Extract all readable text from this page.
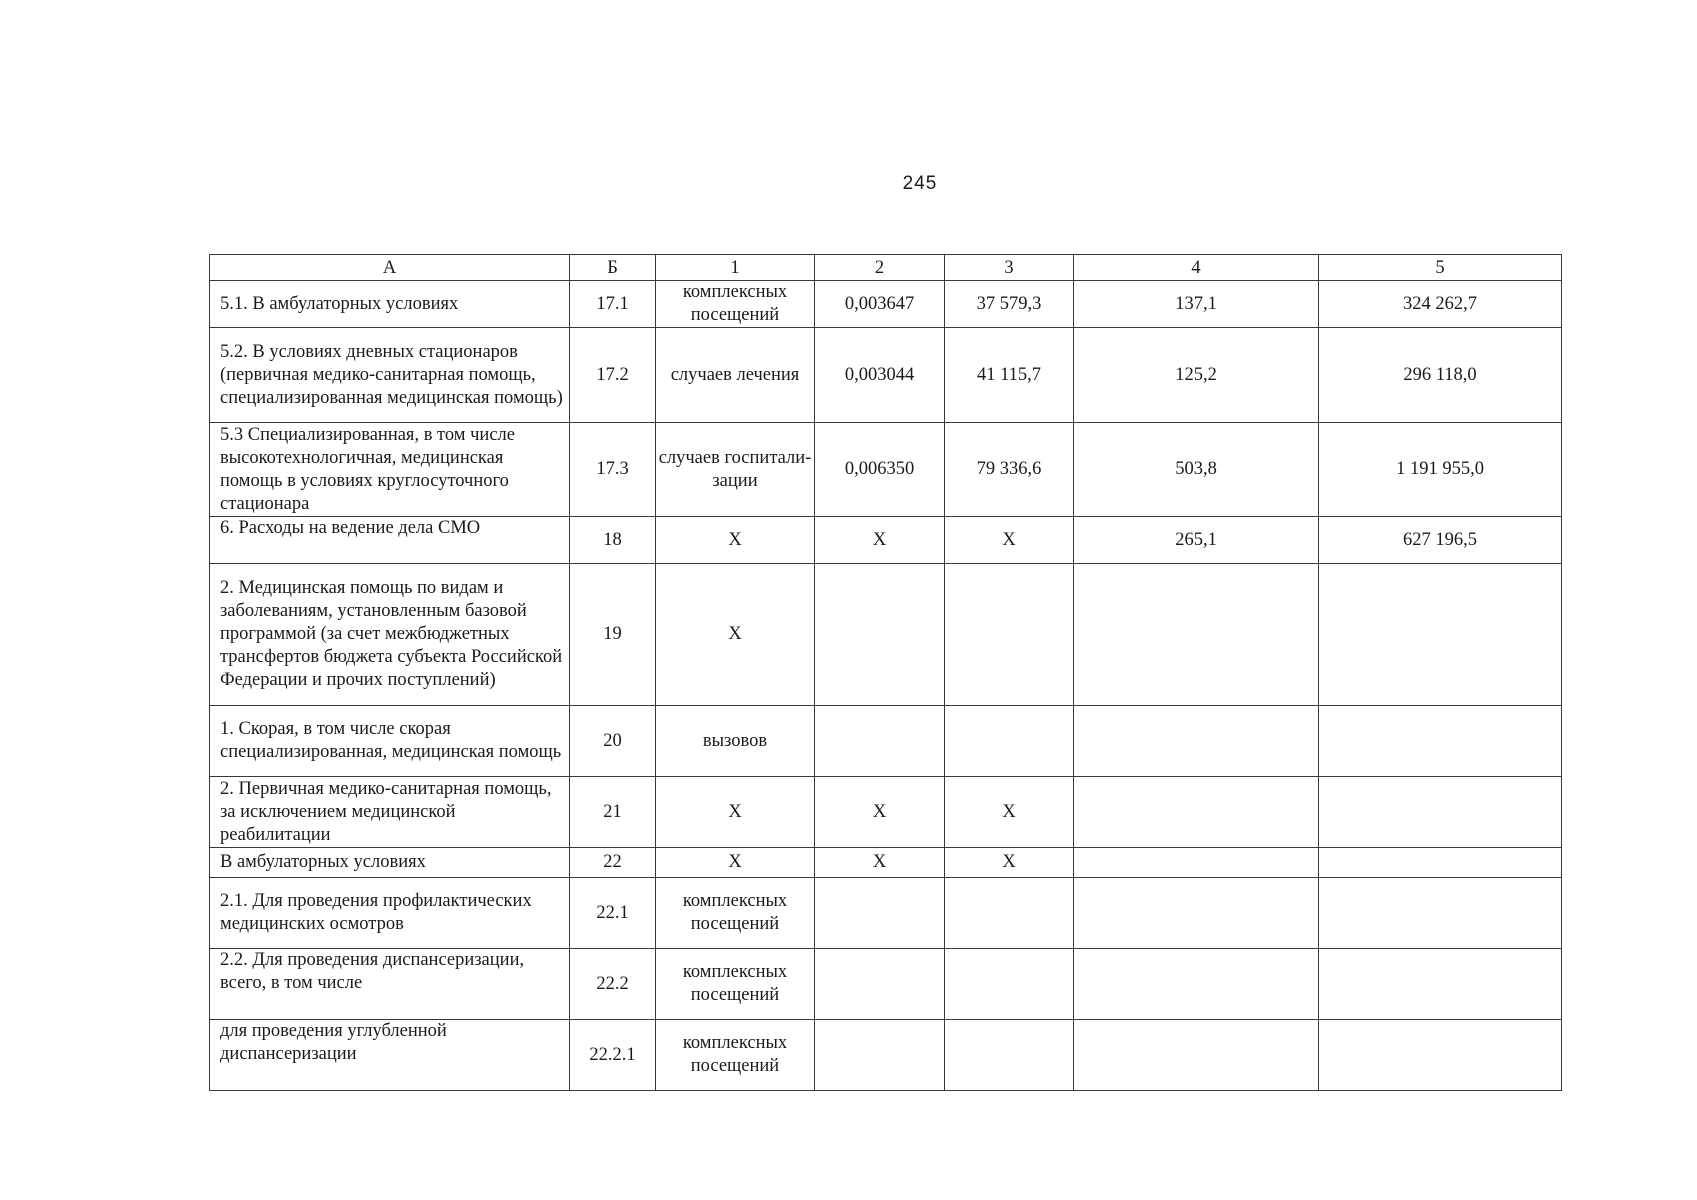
245
А	Б	1	2	3	4	5
5.1. В амбулаторных условиях	17.1	комплексных посещений	0,003647	37 579,3	137,1	324 262,7
5.2. В условиях дневных стационаров (первичная медико-санитарная помощь, специализированная медицинская помощь)	17.2	случаев лечения	0,003044	41 115,7	125,2	296 118,0
5.3 Специализированная, в том числе высокотехнологичная, медицинская помощь в условиях круглосуточного стационара	17.3	случаев госпитали-зации	0,006350	79 336,6	503,8	1 191 955,0
6. Расходы на ведение дела СМО	18	Х	Х	Х	265,1	627 196,5
2. Медицинская помощь по видам и заболеваниям, установленным базовой программой (за счет межбюджетных трансфертов бюджета субъекта Российской Федерации и прочих поступлений)	19	Х				
1. Скорая, в том числе скорая специализированная, медицинская помощь	20	вызовов				
2. Первичная медико-санитарная помощь, за исключением медицинской реабилитации	21	Х	Х	Х		
В амбулаторных условиях	22	Х	Х	Х		
2.1. Для проведения профилактических медицинских осмотров	22.1	комплексных посещений				
2.2. Для проведения диспансеризации, всего, в том числе	22.2	комплексных посещений				
для проведения углубленной диспансеризации	22.2.1	комплексных посещений				
